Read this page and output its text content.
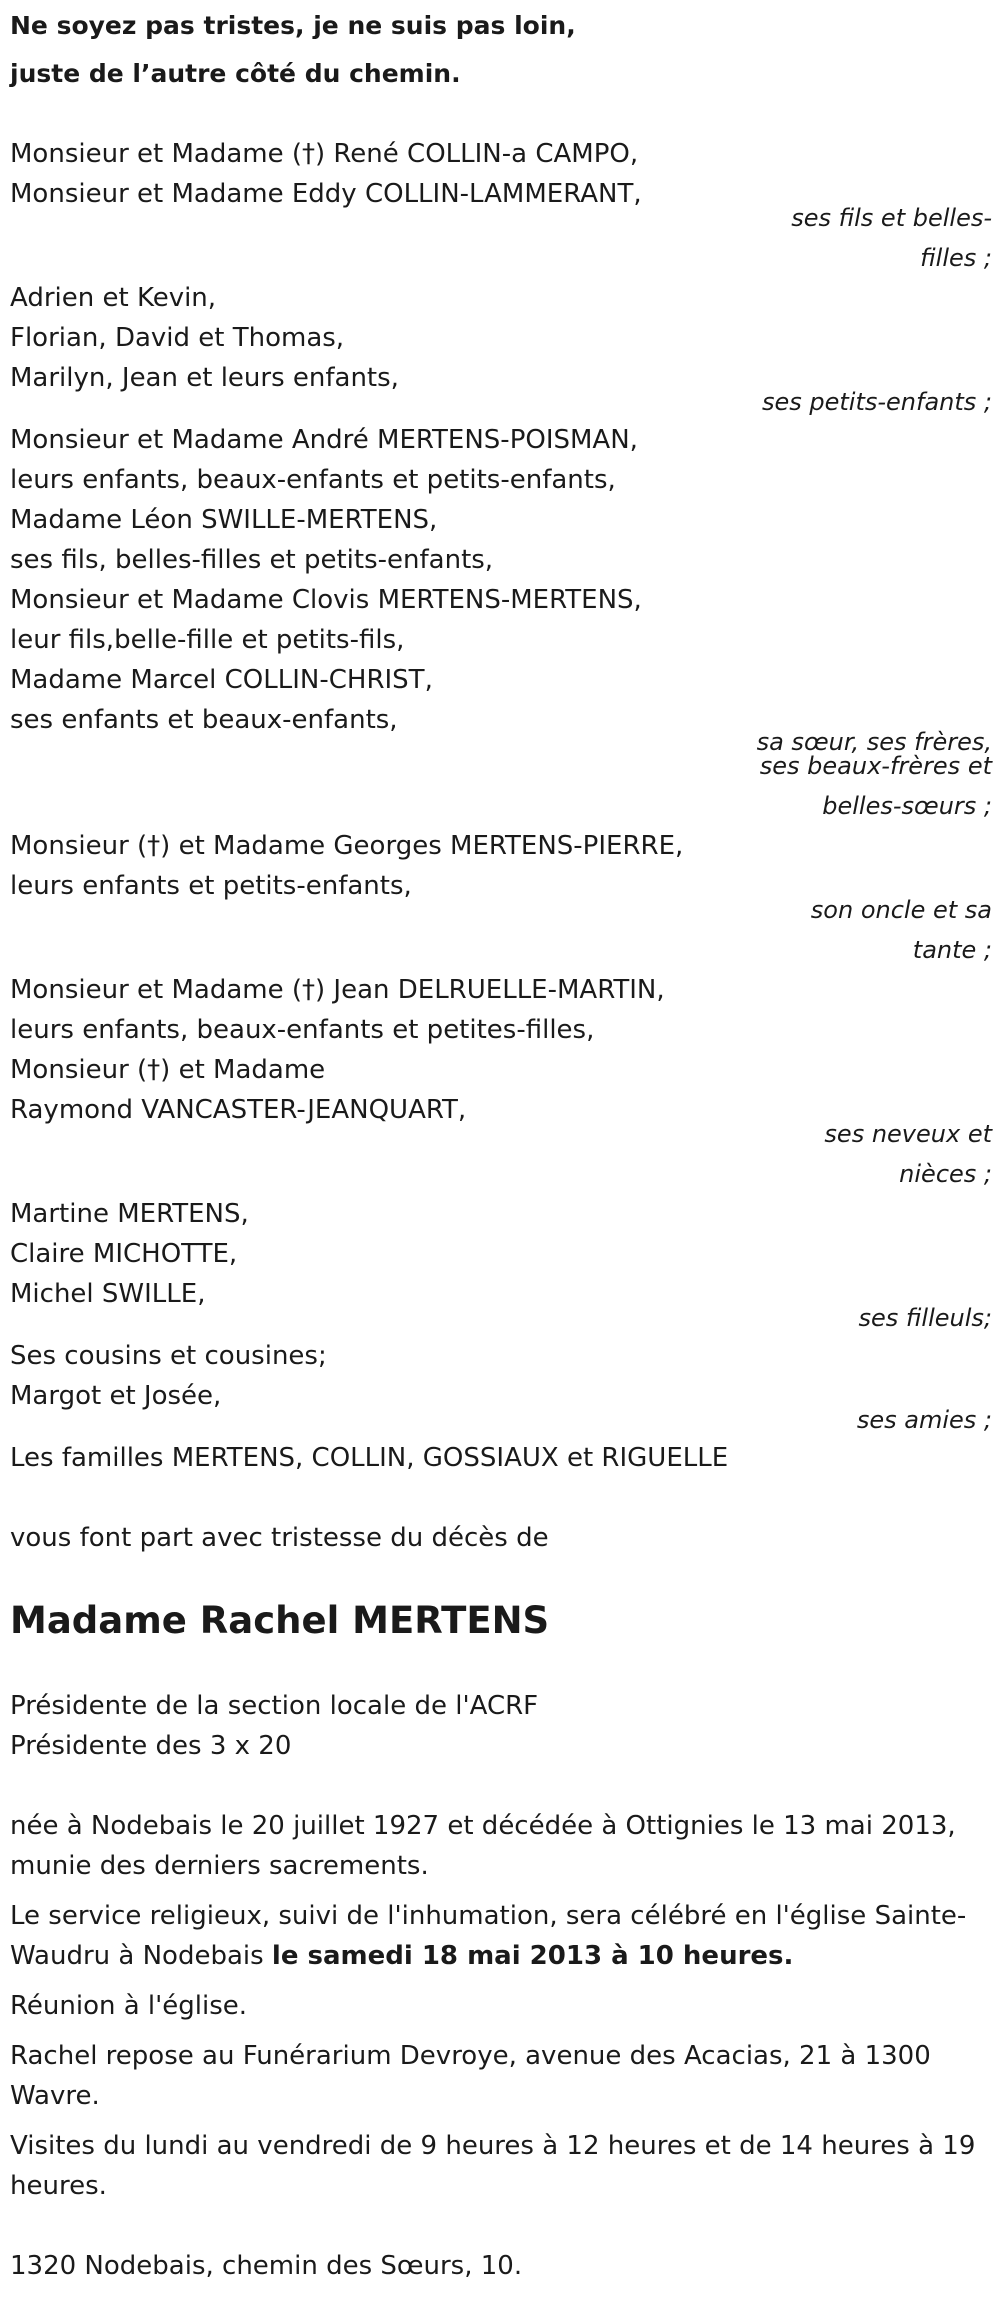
Ne soyez pas tristes, je ne suis pas loin,

juste de l’autre côté du chemin.

Monsieur et Madame (†) René COLLIN-a CAMPO,

Monsieur et Madame Eddy COLLIN-LAMMERANT,

ses fils et belles-

filles ;

Adrien et Kevin,

Florian, David et Thomas,

Marilyn, Jean et leurs enfants,

ses petits-enfants ;

Monsieur et Madame André MERTENS-POISMAN,

leurs enfants, beaux-enfants et petits-enfants,

Madame Léon SWILLE-MERTENS,

ses fils, belles-filles et petits-enfants,

Monsieur et Madame Clovis MERTENS-MERTENS,

leur fils,belle-fille et petits-fils,

Madame Marcel COLLIN-CHRIST,

ses enfants et beaux-enfants,

sa sœur, ses frères,

ses beaux-frères et

belles-sœurs ;

Monsieur (†) et Madame Georges MERTENS-PIERRE,

leurs enfants et petits-enfants,

son oncle et sa

tante ;

Monsieur et Madame (†) Jean DELRUELLE-MARTIN,

leurs enfants, beaux-enfants et petites-filles,

Monsieur (†) et Madame

Raymond VANCASTER-JEANQUART,

ses neveux et

nièces ;

Martine MERTENS,

Claire MICHOTTE,

Michel SWILLE,

ses filleuls;

Ses cousins et cousines;

Margot et Josée,

ses amies ;

Les familles MERTENS, COLLIN, GOSSIAUX et RIGUELLE

vous font part avec tristesse du décès de

Madame Rachel MERTENS

Présidente de la section locale de l'ACRF

Présidente des 3 x 20

née à Nodebais le 20 juillet 1927 et décédée à Ottignies le 13 mai 2013, munie des derniers sacrements.

Le service religieux, suivi de l'inhumation, sera célébré en l'église Sainte-Waudru à Nodebais le samedi 18 mai 2013 à 10 heures.

Réunion à l'église.

Rachel repose au Funérarium Devroye, avenue des Acacias, 21 à 1300 Wavre.

Visites du lundi au vendredi de 9 heures à 12 heures et de 14 heures à 19 heures.

1320 Nodebais, chemin des Sœurs, 10.
